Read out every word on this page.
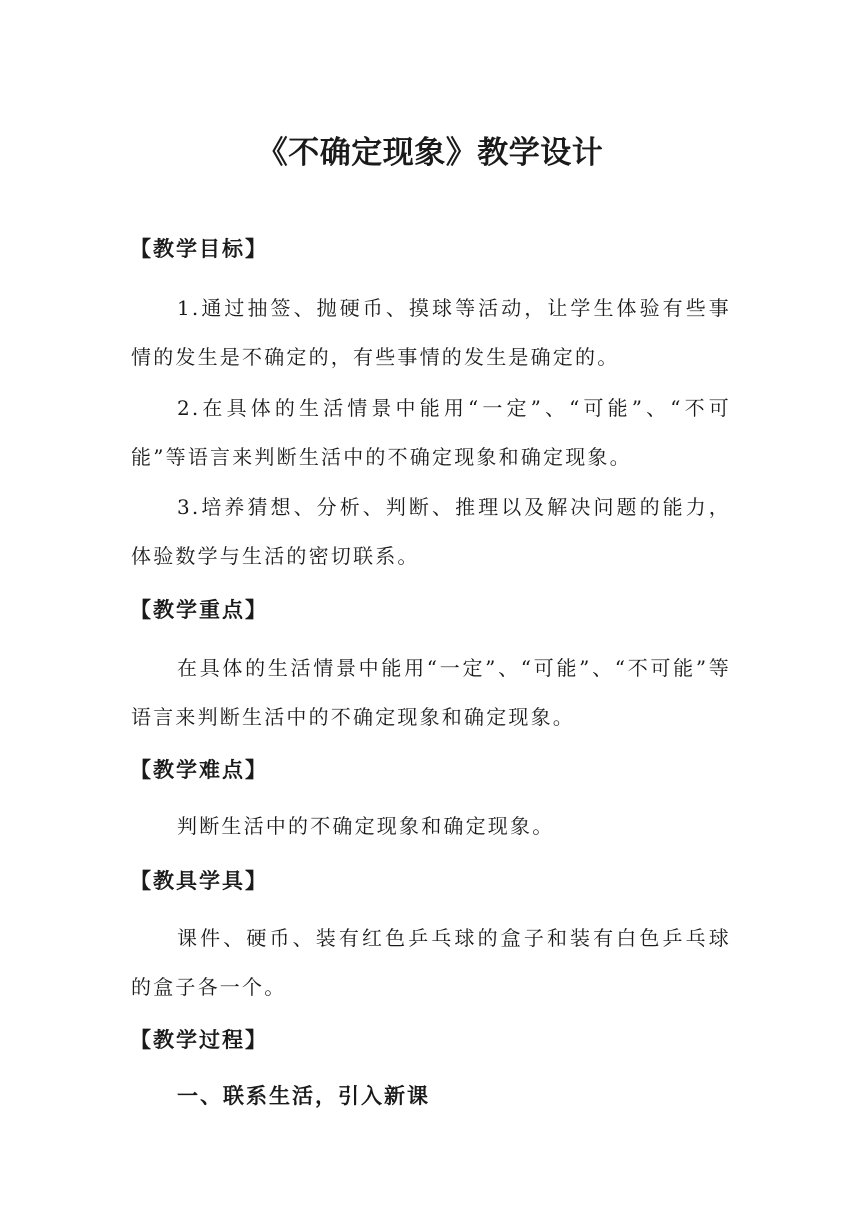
《不确定现象》教学设计
【教学目标】
1.通过抽签、抛硬币、摸球等活动，让学生体验有些事情的发生是不确定的，有些事情的发生是确定的。
2.在具体的生活情景中能用“一定”、“可能”、“不可能”等语言来判断生活中的不确定现象和确定现象。
3.培养猜想、分析、判断、推理以及解决问题的能力，体验数学与生活的密切联系。
【教学重点】
在具体的生活情景中能用“一定”、“可能”、“不可能”等语言来判断生活中的不确定现象和确定现象。
【教学难点】
判断生活中的不确定现象和确定现象。
【教具学具】
课件、硬币、装有红色乒乓球的盒子和装有白色乒乓球的盒子各一个。
【教学过程】
一、联系生活，引入新课
